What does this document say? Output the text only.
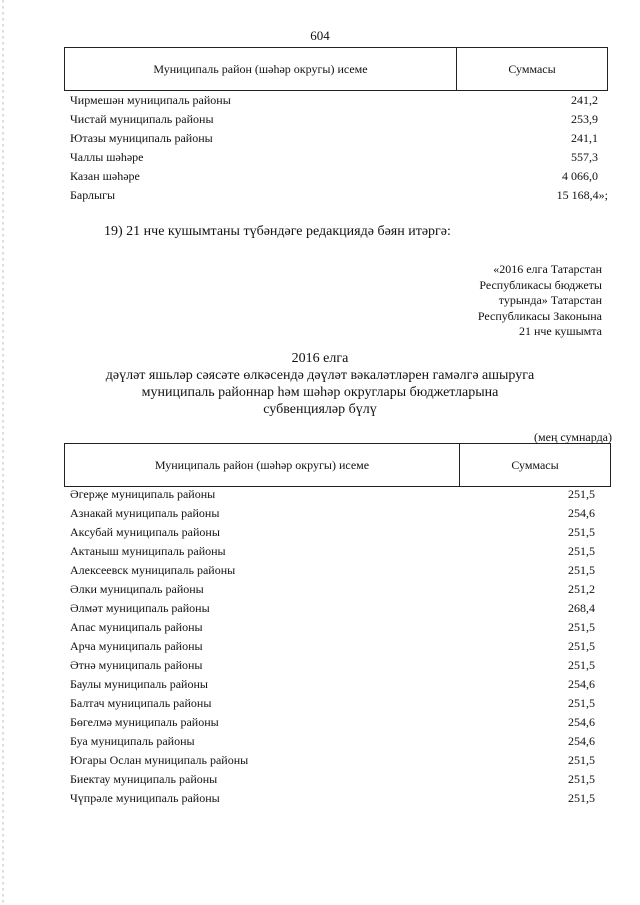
604
Муниципаль район (шәһәр округы) исеме	Суммасы
Чирмешән муниципаль районы	241,2
Чистай муниципаль районы	253,9
Ютазы муниципаль районы	241,1
Чаллы шәһәре	557,3
Казан шәһәре	4 066,0
Барлыгы	15 168,4»;
19) 21 нче кушымтаны түбәндәге редакциядә бәян итәргә:
«2016 елга Татарстан
Республикасы бюджеты
турында» Татарстан
Республикасы Законына
21 нче кушымта
2016 елга
дәүләт яшьләр сәясәте өлкәсендә дәүләт вәкаләтләрен гамәлгә ашыруга
муниципаль районнар һәм шәһәр округлары бюджетларына
субвенцияләр бүлү
(мең сумнарда)
Муниципаль район (шәһәр округы) исеме	Суммасы
Әгерҗе муниципаль районы	251,5
Азнакай муниципаль районы	254,6
Аксубай муниципаль районы	251,5
Актаныш муниципаль районы	251,5
Алексеевск муниципаль районы	251,5
Әлки муниципаль районы	251,2
Әлмәт муниципаль районы	268,4
Апас муниципаль районы	251,5
Арча муниципаль районы	251,5
Әтнә муниципаль районы	251,5
Баулы муниципаль районы	254,6
Балтач муниципаль районы	251,5
Бөгелмә муниципаль районы	254,6
Буа муниципаль районы	254,6
Югары Ослан муниципаль районы	251,5
Биектау муниципаль районы	251,5
Чүпрәле муниципаль районы	251,5
